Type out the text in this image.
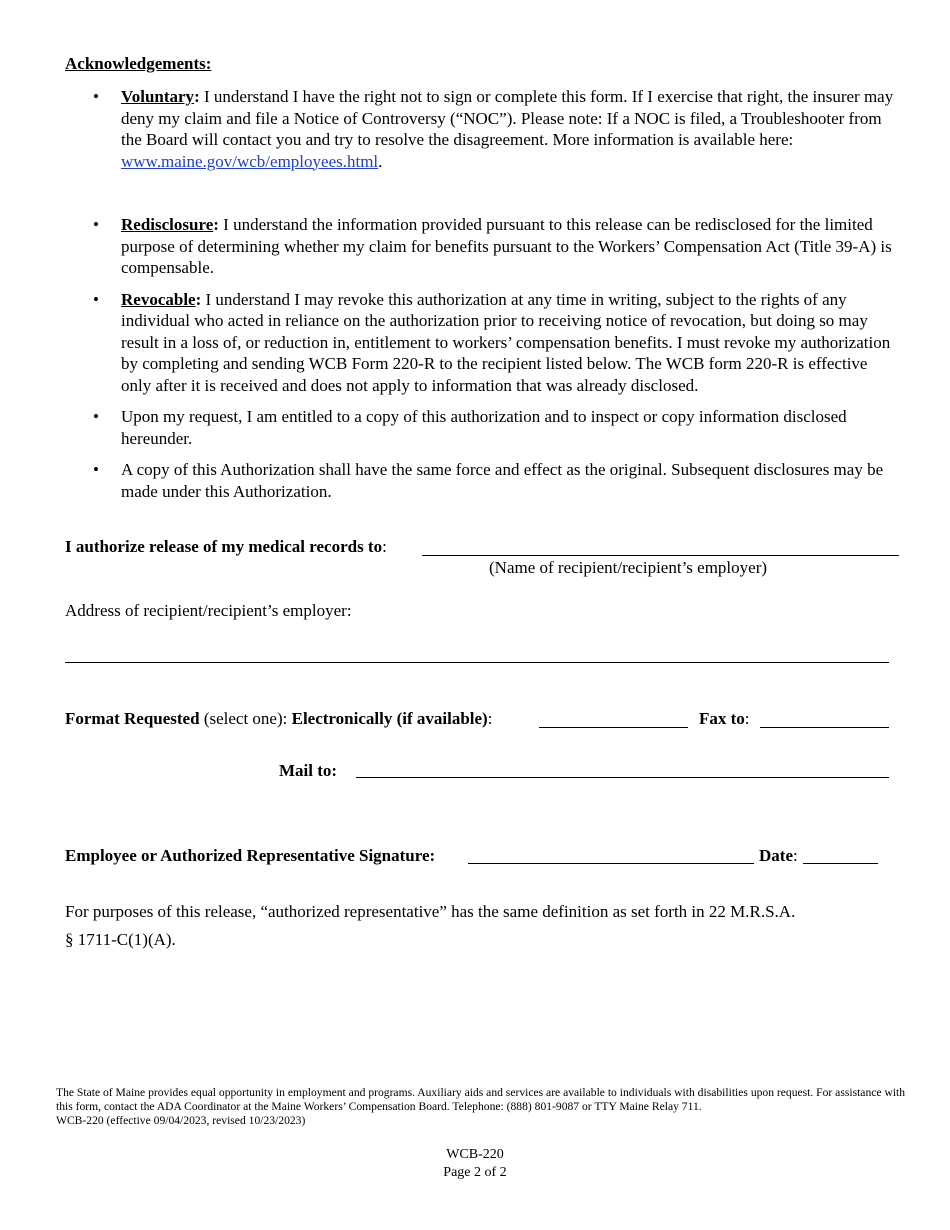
Acknowledgements:
• Voluntary: I understand I have the right not to sign or complete this form. If I exercise that right, the insurer may deny my claim and file a Notice of Controversy (“NOC”). Please note: If a NOC is filed, a Troubleshooter from the Board will contact you and try to resolve the disagreement. More information is available here: www.maine.gov/wcb/employees.html.
• Redisclosure: I understand the information provided pursuant to this release can be redisclosed for the limited purpose of determining whether my claim for benefits pursuant to the Workers’ Compensation Act (Title 39-A) is compensable.
• Revocable: I understand I may revoke this authorization at any time in writing, subject to the rights of any individual who acted in reliance on the authorization prior to receiving notice of revocation, but doing so may result in a loss of, or reduction in, entitlement to workers’ compensation benefits. I must revoke my authorization by completing and sending WCB Form 220-R to the recipient listed below. The WCB form 220-R is effective only after it is received and does not apply to information that was already disclosed.
• Upon my request, I am entitled to a copy of this authorization and to inspect or copy information disclosed hereunder.
• A copy of this Authorization shall have the same force and effect as the original. Subsequent disclosures may be made under this Authorization.
I authorize release of my medical records to:
(Name of recipient/recipient’s employer)
Address of recipient/recipient’s employer:
Format Requested (select one): Electronically (if available):	Fax to:
Mail to:
Employee or Authorized Representative Signature:	Date:
For purposes of this release, “authorized representative” has the same definition as set forth in 22 M.R.S.A.
§ 1711-C(1)(A).
The State of Maine provides equal opportunity in employment and programs. Auxiliary aids and services are available to individuals with disabilities upon request. For assistance with this form, contact the ADA Coordinator at the Maine Workers’ Compensation Board. Telephone: (888) 801-9087 or TTY Maine Relay 711.
WCB-220 (effective 09/04/2023, revised 10/23/2023)
WCB-220
Page 2 of 2
